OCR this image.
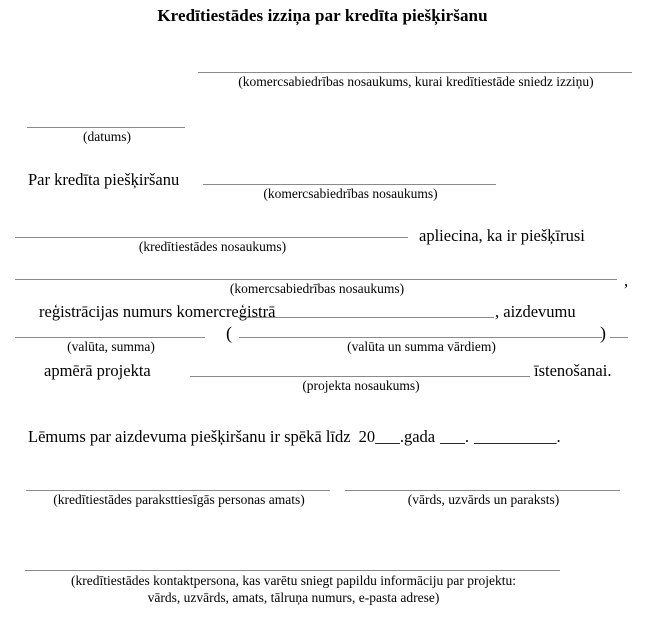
Kredītiestādes izziņa par kredīta piešķiršanu
(komercsabiedrības nosaukums, kurai kredītiestāde sniedz izziņu)
(datums)
Par kredīta piešķiršanu
(komercsabiedrības nosaukums)
(kredītiestādes nosaukums)
apliecina, ka ir piešķīrusi
(komercsabiedrības nosaukums)	,
reģistrācijas numurs komercreģistrā	, aizdevumu
(valūta, summa)
(	)
(valūta un summa vārdiem)
apmērā projekta
(projekta nosaukums)
īstenošanai.
Lēmums par aizdevuma piešķiršanu ir spēkā līdz 20___.gada ___. __________.
(kredītiestādes paraksttiesīgās personas amats)	(vārds, uzvārds un paraksts)
(kredītiestādes kontaktpersona, kas varētu sniegt papildu informāciju par projektu:
vārds, uzvārds, amats, tālruņa numurs, e-pasta adrese)
